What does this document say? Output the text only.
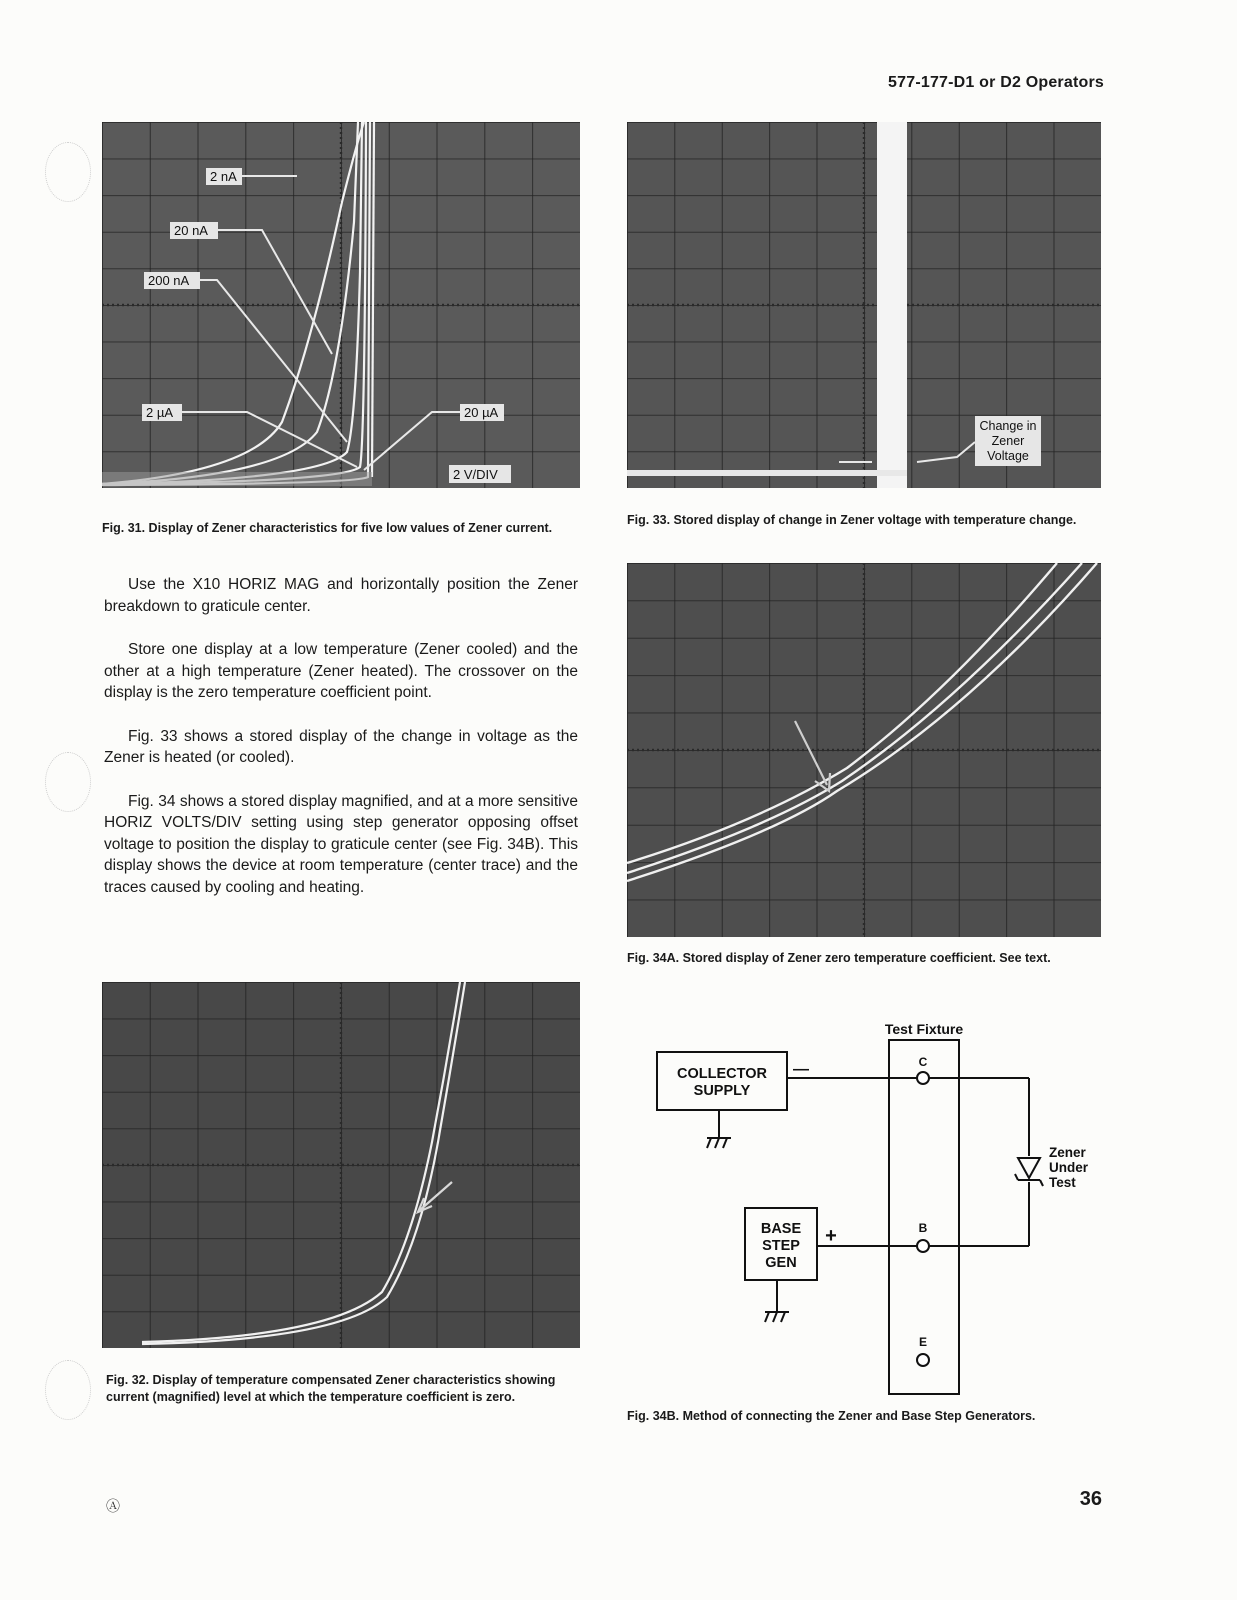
577-177-D1 or D2 Operators
2 nA
20 nA
200 nA
2 µA	20 µA
2 V/DIV
Fig. 31. Display of Zener characteristics for five low values of Zener current.
Change in
Zener
Voltage
Fig. 33. Stored display of change in Zener voltage with temperature change.

Use the X10 HORIZ MAG and horizontally position the Zener breakdown to graticule center.

Store one display at a low temperature (Zener cooled) and the other at a high temperature (Zener heated). The crossover on the display is the zero temperature coefficient point.

Fig. 33 shows a stored display of the change in voltage as the Zener is heated (or cooled).

Fig. 34 shows a stored display magnified, and at a more sensitive HORIZ VOLTS/DIV setting using step generator opposing offset voltage to position the display to graticule center (see Fig. 34B). This display shows the device at room temperature (center trace) and the traces caused by cooling and heating.

Fig. 34A. Stored display of Zener zero temperature coefficient. See text.
Fig. 32. Display of temperature compensated Zener characteristics showing current (magnified) level at which the temperature coefficient is zero.
Test Fixture
COLLECTOR
SUPPLY
BASE
STEP
GEN
—
+
C
B
E
Zener
Under
Test
Fig. 34B. Method of connecting the Zener and Base Step Generators.
Ⓐ	36
